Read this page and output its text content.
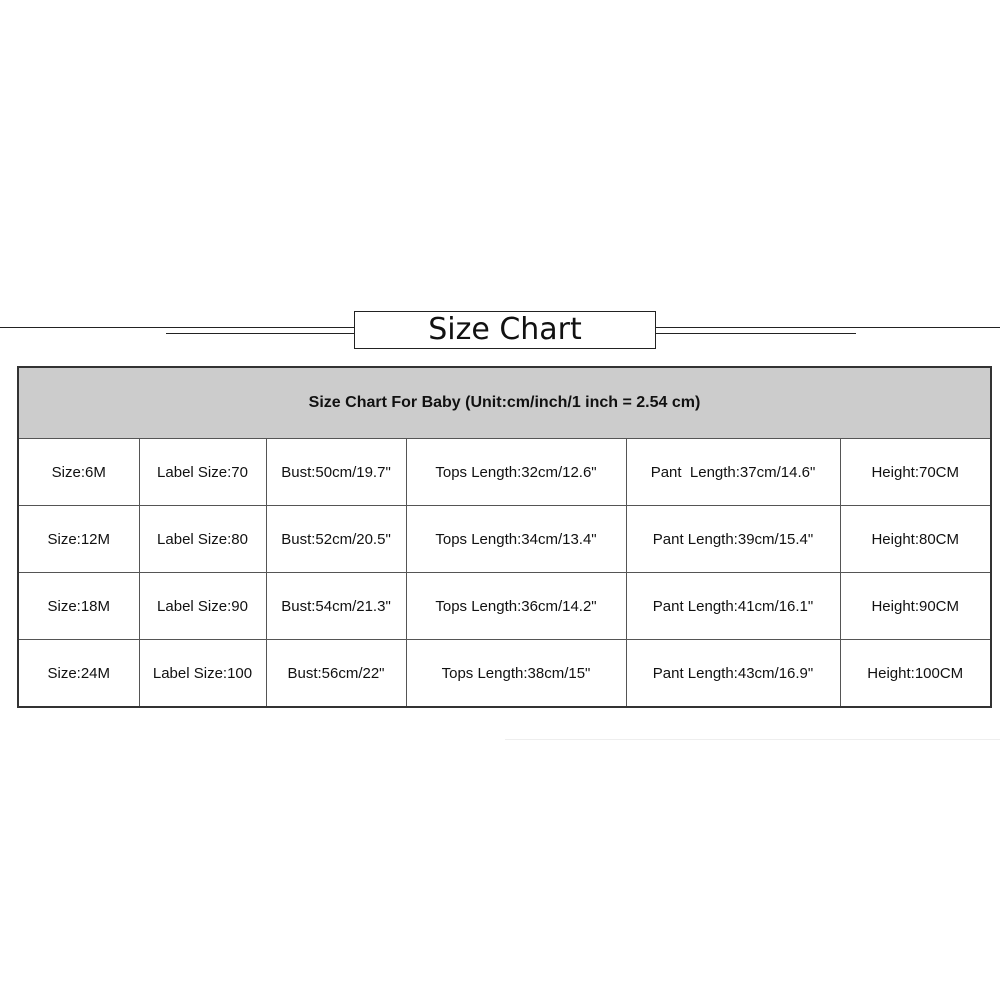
Size Chart
Size Chart For Baby (Unit:cm/inch/1 inch = 2.54 cm)					
Size:6M	Label Size:70	Bust:50cm/19.7"	Tops Length:32cm/12.6"	Pant  Length:37cm/14.6"	Height:70CM
Size:12M	Label Size:80	Bust:52cm/20.5"	Tops Length:34cm/13.4"	Pant Length:39cm/15.4"	Height:80CM
Size:18M	Label Size:90	Bust:54cm/21.3"	Tops Length:36cm/14.2"	Pant Length:41cm/16.1"	Height:90CM
Size:24M	Label Size:100	Bust:56cm/22"	Tops Length:38cm/15"	Pant Length:43cm/16.9"	Height:100CM
